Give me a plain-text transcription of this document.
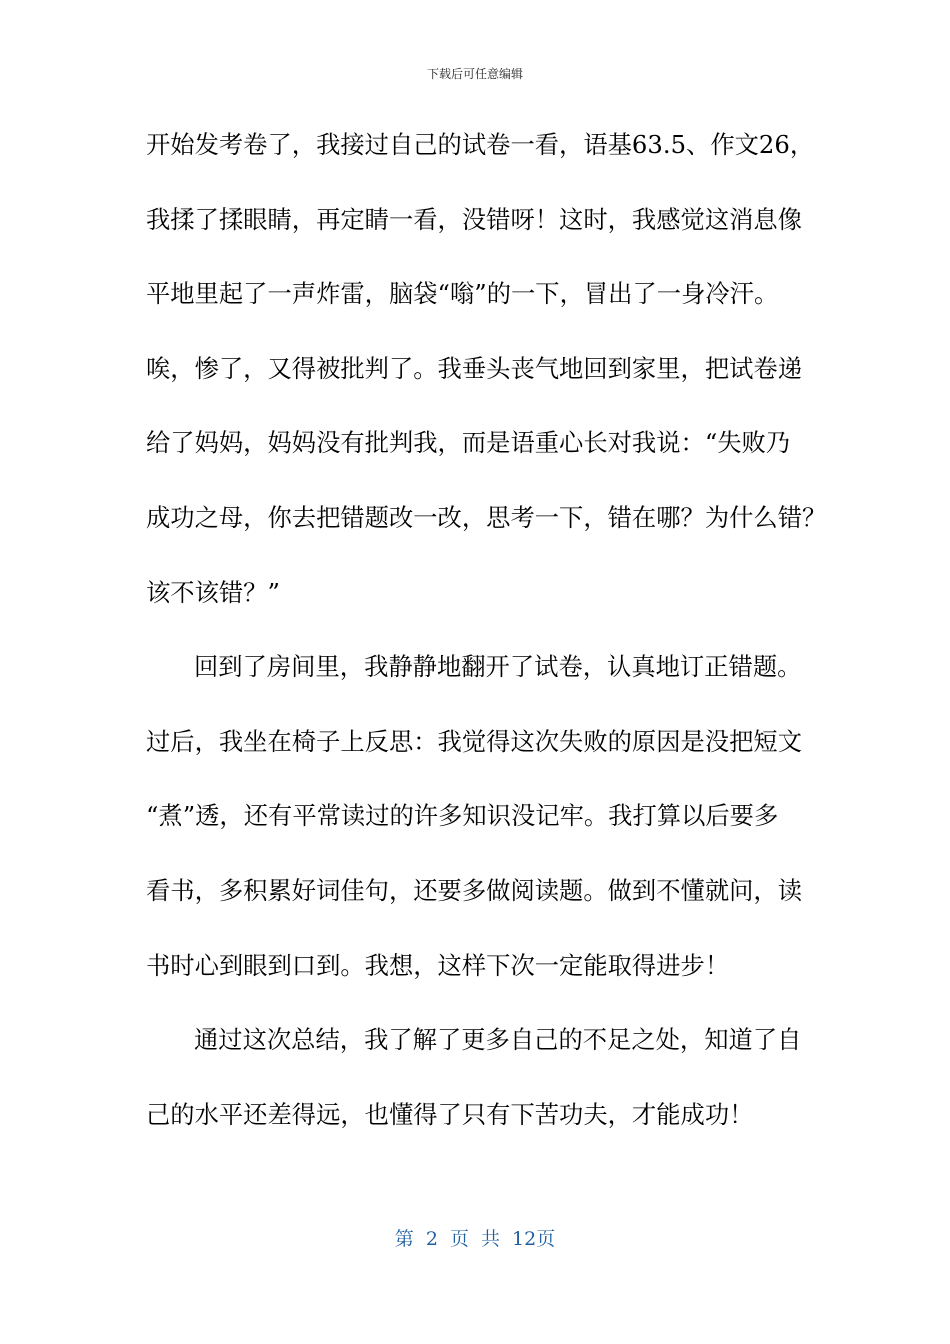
下载后可任意编辑
开始发考卷了，我接过自己的试卷一看，语基63.5、作文26，
我揉了揉眼睛，再定睛一看，没错呀！这时，我感觉这消息像
平地里起了一声炸雷，脑袋“嗡”的一下，冒出了一身冷汗。
唉，惨了，又得被批判了。我垂头丧气地回到家里，把试卷递
给了妈妈，妈妈没有批判我，而是语重心长对我说：“失败乃
成功之母，你去把错题改一改，思考一下，错在哪？为什么错？
该不该错？”
回到了房间里，我静静地翻开了试卷，认真地订正错题。
过后，我坐在椅子上反思：我觉得这次失败的原因是没把短文
“煮”透，还有平常读过的许多知识没记牢。我打算以后要多
看书，多积累好词佳句，还要多做阅读题。做到不懂就问，读
书时心到眼到口到。我想，这样下次一定能取得进步！
通过这次总结，我了解了更多自己的不足之处，知道了自
己的水平还差得远，也懂得了只有下苦功夫，才能成功！
第 2 页 共 12页
